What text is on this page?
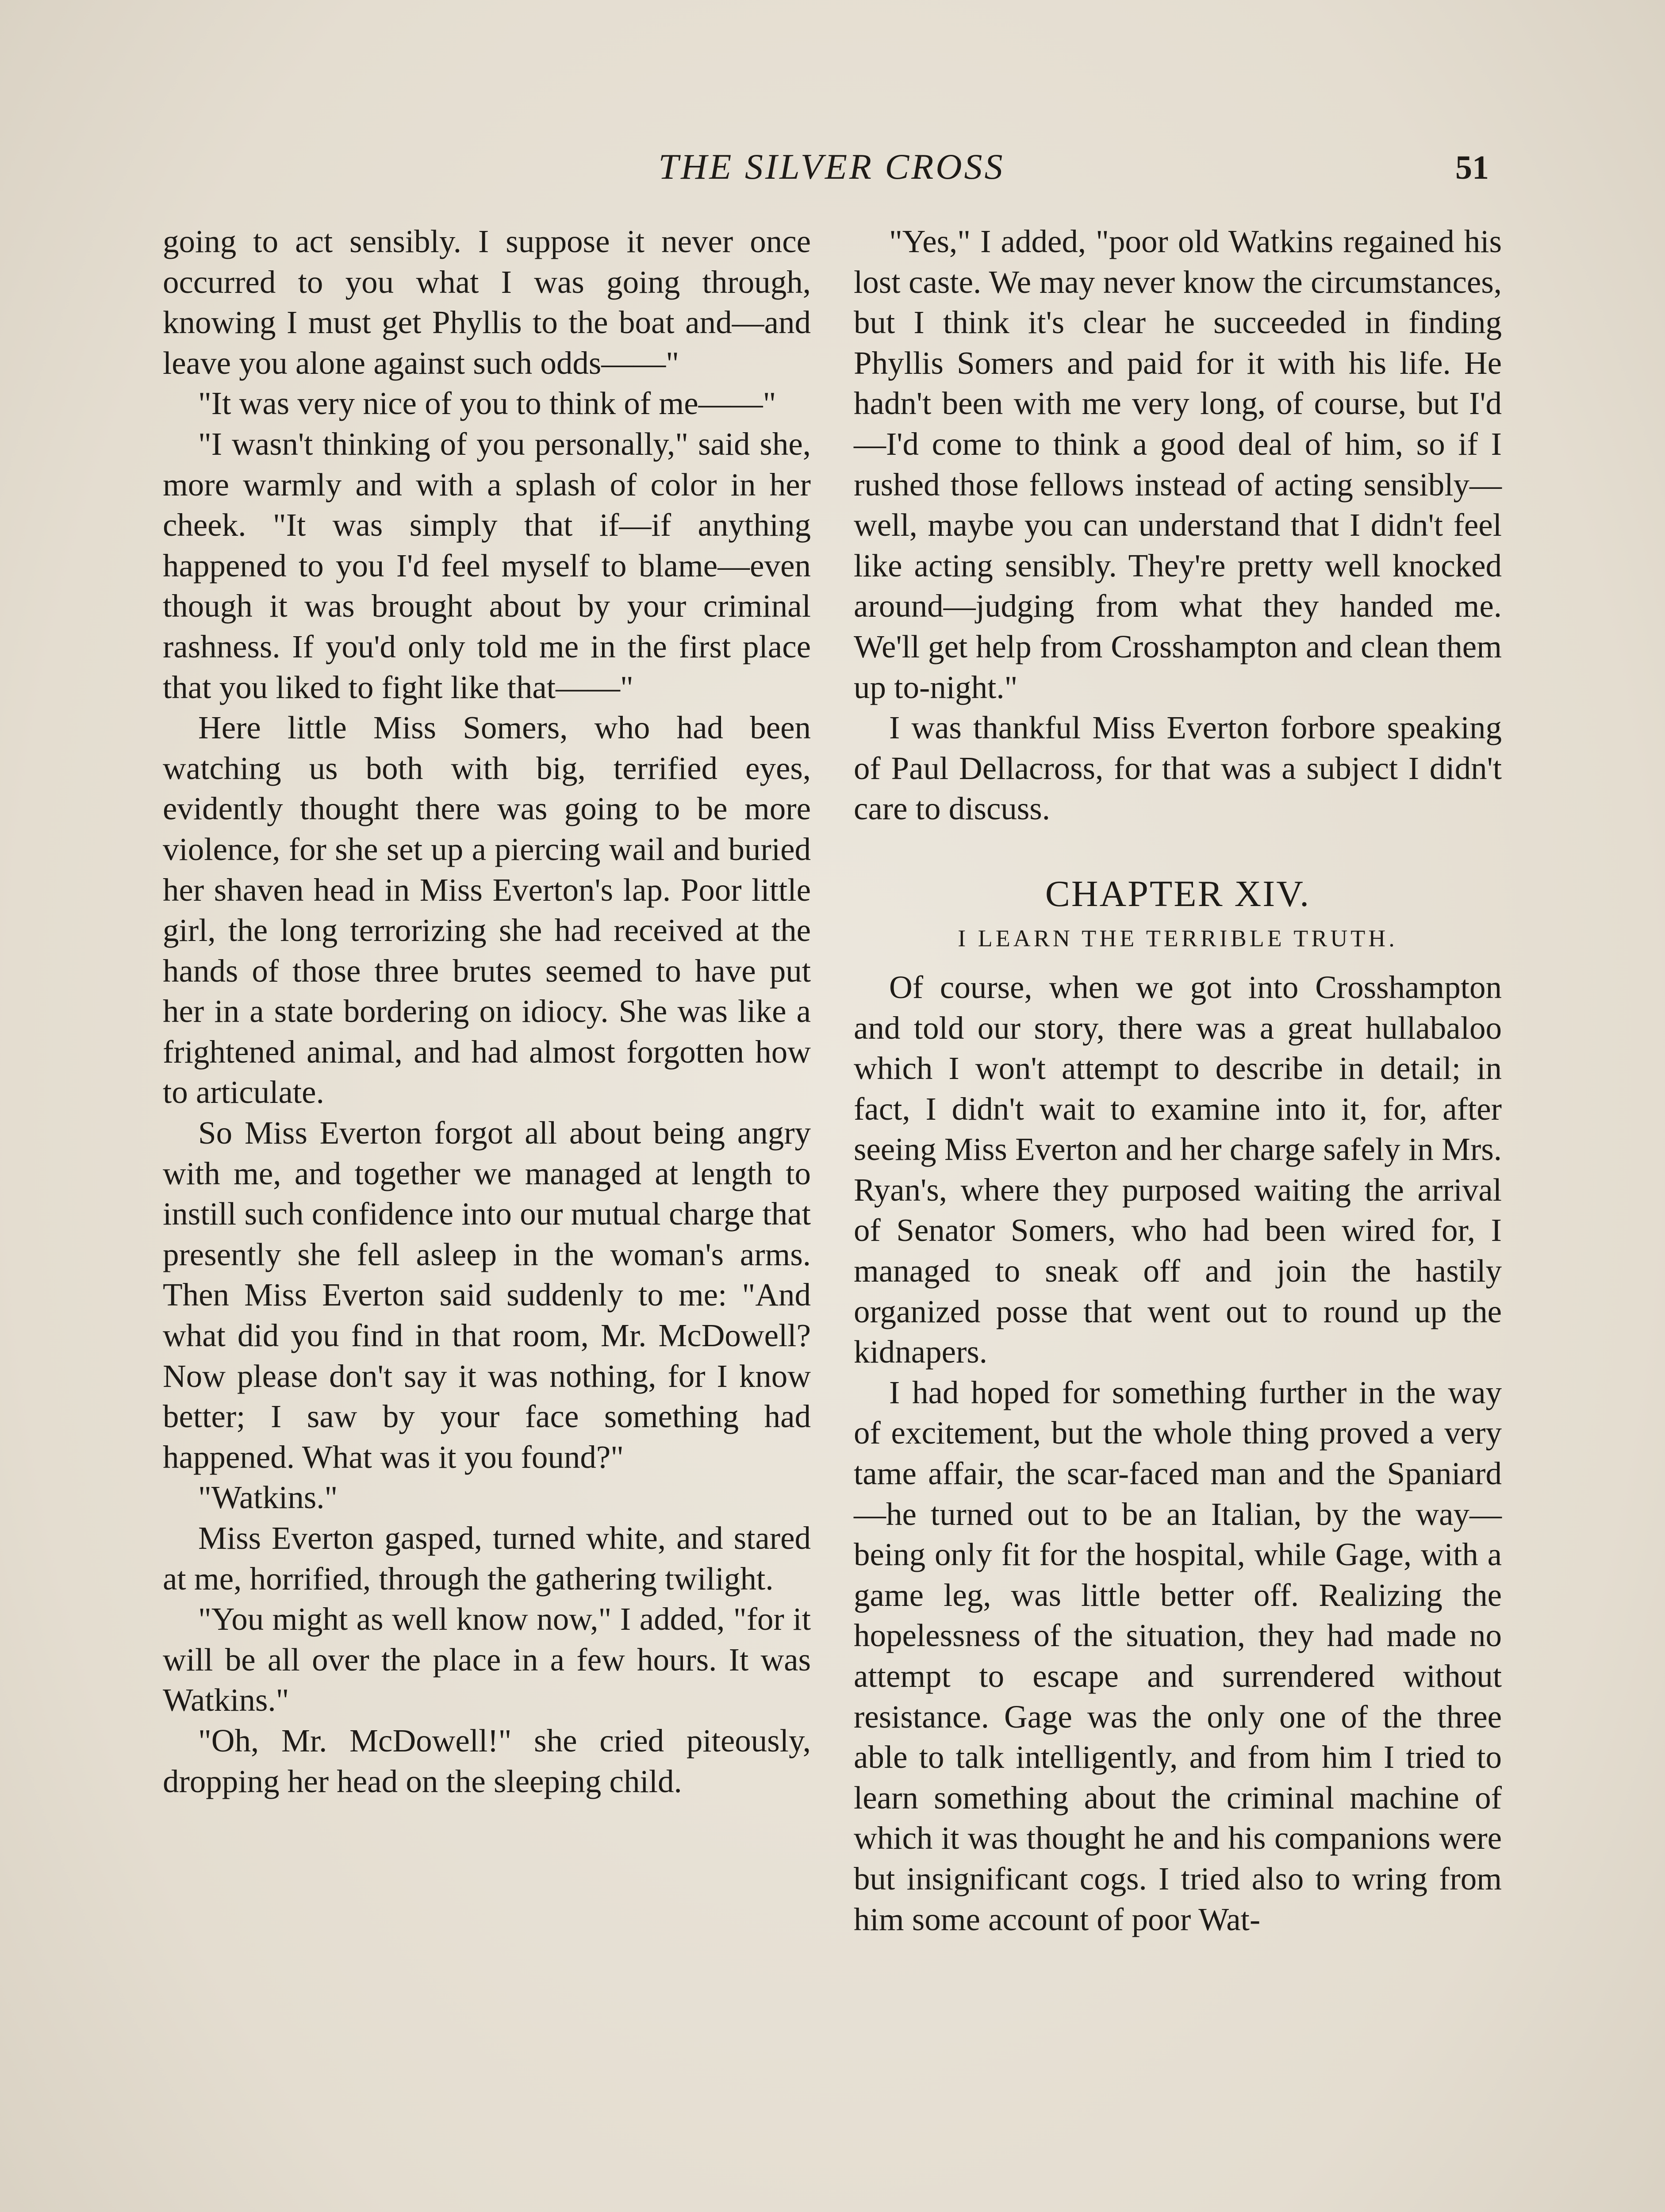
THE SILVER CROSS	51

going to act sensibly. I suppose it never once occurred to you what I was going through, knowing I must get Phyllis to the boat and—and leave you alone against such odds——"

"It was very nice of you to think of me——"

"I wasn't thinking of you personally," said she, more warmly and with a splash of color in her cheek. "It was simply that if—if anything happened to you I'd feel myself to blame—even though it was brought about by your criminal rashness. If you'd only told me in the first place that you liked to fight like that——"

Here little Miss Somers, who had been watching us both with big, terrified eyes, evidently thought there was going to be more violence, for she set up a piercing wail and buried her shaven head in Miss Everton's lap. Poor little girl, the long terrorizing she had received at the hands of those three brutes seemed to have put her in a state bordering on idiocy. She was like a frightened animal, and had almost forgotten how to articulate.

So Miss Everton forgot all about being angry with me, and together we managed at length to instill such confidence into our mutual charge that presently she fell asleep in the woman's arms. Then Miss Everton said suddenly to me: "And what did you find in that room, Mr. McDowell? Now please don't say it was nothing, for I know better; I saw by your face something had happened. What was it you found?"

"Watkins."

Miss Everton gasped, turned white, and stared at me, horrified, through the gathering twilight.

"You might as well know now," I added, "for it will be all over the place in a few hours. It was Watkins."

"Oh, Mr. McDowell!" she cried piteously, dropping her head on the sleeping child.

"Yes," I added, "poor old Watkins regained his lost caste. We may never know the circumstances, but I think it's clear he succeeded in finding Phyllis Somers and paid for it with his life. He hadn't been with me very long, of course, but I'd—I'd come to think a good deal of him, so if I rushed those fellows instead of acting sensibly—well, maybe you can understand that I didn't feel like acting sensibly. They're pretty well knocked around—judging from what they handed me. We'll get help from Crosshampton and clean them up to-night."

I was thankful Miss Everton forbore speaking of Paul Dellacross, for that was a subject I didn't care to discuss.

CHAPTER XIV.
I LEARN THE TERRIBLE TRUTH.

Of course, when we got into Crosshampton and told our story, there was a great hullabaloo which I won't attempt to describe in detail; in fact, I didn't wait to examine into it, for, after seeing Miss Everton and her charge safely in Mrs. Ryan's, where they purposed waiting the arrival of Senator Somers, who had been wired for, I managed to sneak off and join the hastily organized posse that went out to round up the kidnapers.

I had hoped for something further in the way of excitement, but the whole thing proved a very tame affair, the scar-faced man and the Spaniard—he turned out to be an Italian, by the way—being only fit for the hospital, while Gage, with a game leg, was little better off. Realizing the hopelessness of the situation, they had made no attempt to escape and surrendered without resistance. Gage was the only one of the three able to talk intelligently, and from him I tried to learn something about the criminal machine of which it was thought he and his companions were but insignificant cogs. I tried also to wring from him some account of poor Wat-
